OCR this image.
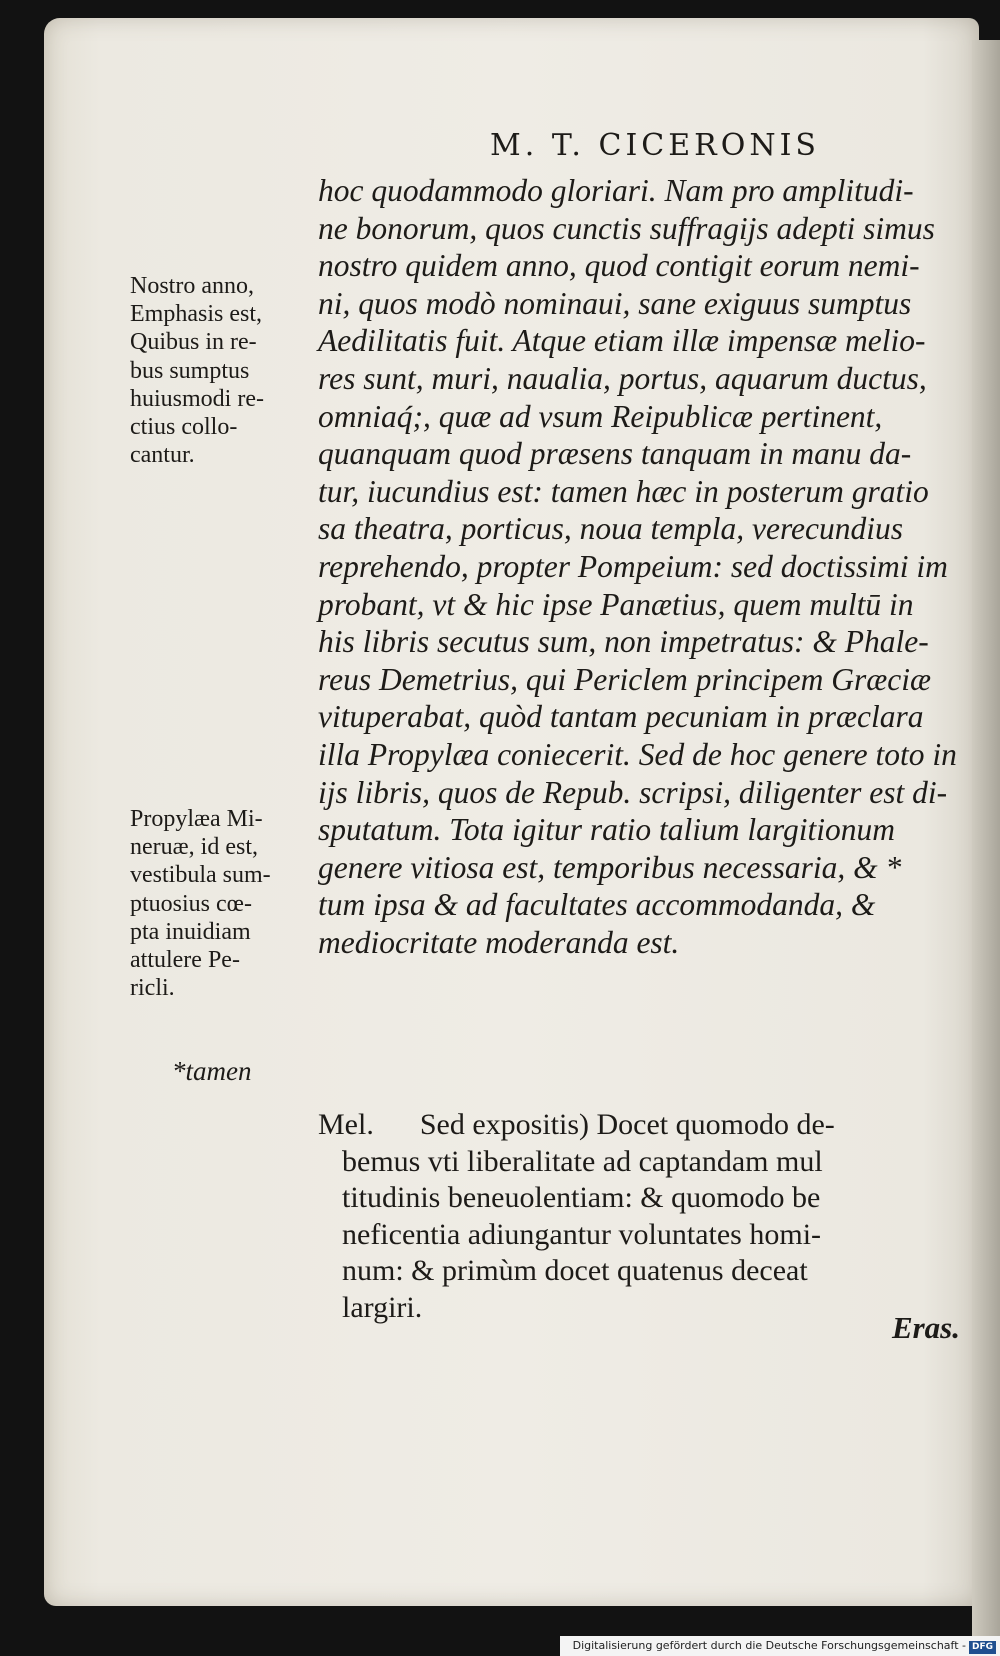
M. T. CICERONIS
hoc quodammodo gloriari. Nam pro amplitudi-
ne bonorum, quos cunctis suffragijs adepti simus
nostro quidem anno, quod contigit eorum nemi-
ni, quos modò nominaui, sane exiguus sumptus
Aedilitatis fuit. Atque etiam illæ impensæ melio-
res sunt, muri, naualia, portus, aquarum ductus,
omniaq́;, quæ ad vsum Reipublicæ pertinent,
quanquam quod præsens tanquam in manu da-
tur, iucundius est: tamen hæc in posterum gratio
sa theatra, porticus, noua templa, verecundius
reprehendo, propter Pompeium: sed doctissimi im
probant, vt & hic ipse Panætius, quem multū in
his libris secutus sum, non impetratus: & Phale-
reus Demetrius, qui Periclem principem Græciæ
vituperabat, quòd tantam pecuniam in præclara
illa Propylæa coniecerit. Sed de hoc genere toto in
ijs libris, quos de Repub. scripsi, diligenter est di-
sputatum. Tota igitur ratio talium largitionum
genere vitiosa est, temporibus necessaria, & *
tum ipsa & ad facultates accommodanda, &
mediocritate moderanda est.
Nostro anno,
Emphasis est,
Quibus in re-
bus sumptus
huiusmodi re-
ctius collo-
cantur.
Propylæa Mi-
neruæ, id est,
vestibula sum-
ptuosius cœ-
pta inuidiam
attulere Pe-
ricli.
*tamen
Mel. Sed expositis) Docet quomodo de-
bemus vti liberalitate ad captandam mul
titudinis beneuolentiam: & quomodo be
neficentia adiungantur voluntates homi-
num: & primùm docet quatenus deceat
largiri.
Eras.
Digitalisierung gefördert durch die Deutsche Forschungsgemeinschaft - DFG
